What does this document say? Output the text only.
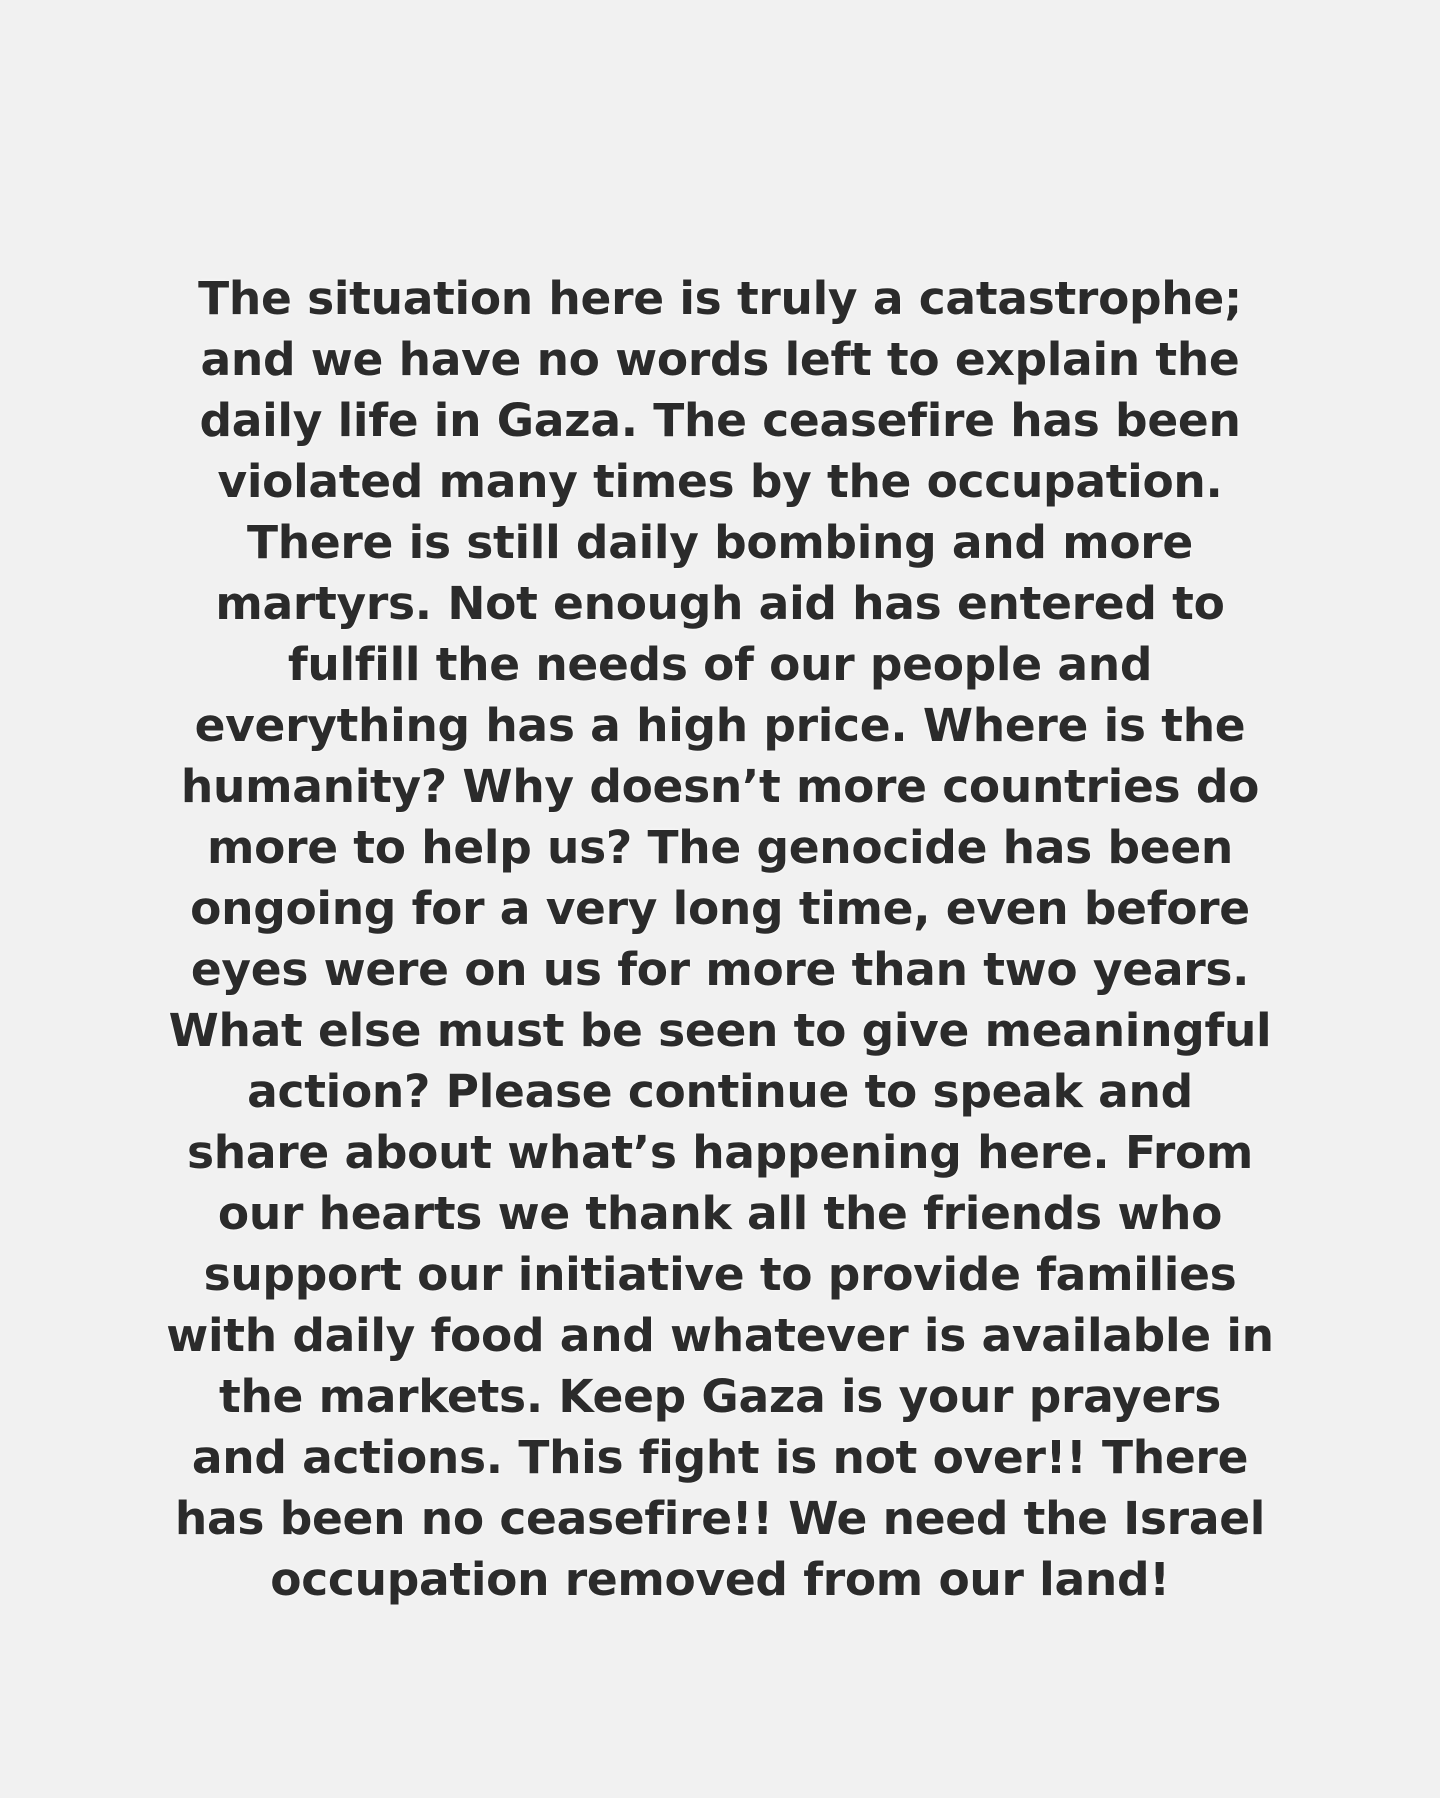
The situation here is truly a catastrophe;
and we have no words left to explain the
daily life in Gaza. The ceasefire has been
violated many times by the occupation.
There is still daily bombing and more
martyrs. Not enough aid has entered to
fulfill the needs of our people and
everything has a high price. Where is the
humanity? Why doesn’t more countries do
more to help us? The genocide has been
ongoing for a very long time, even before
eyes were on us for more than two years.
What else must be seen to give meaningful
action? Please continue to speak and
share about what’s happening here. From
our hearts we thank all the friends who
support our initiative to provide families
with daily food and whatever is available in
the markets. Keep Gaza is your prayers
and actions. This fight is not over!! There
has been no ceasefire!! We need the Israel
occupation removed from our land!
